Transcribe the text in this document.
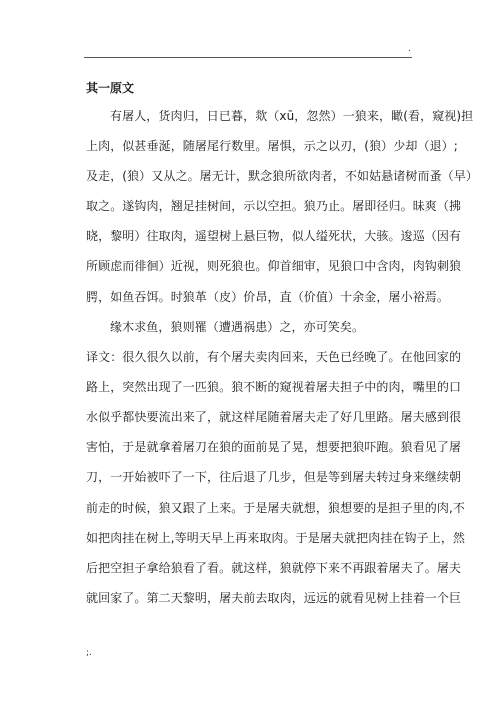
.
其一原文
有屠人，货肉归，日已暮，欻（xū，忽然）一狼来，瞰(看，窥视)担
上肉，似甚垂涎，随屠尾行数里。屠惧，示之以刃，(狼）少却（退）;
及走，(狼）又从之。屠无计，默念狼所欲肉者，不如姑悬诸树而蚤（早）
取之。遂钩肉，翘足挂树间，示以空担。狼乃止。屠即径归。昧爽（拂
晓，黎明）往取肉，遥望树上悬巨物，似人缢死状，大骇。逡巡（因有
所顾虑而徘徊）近视，则死狼也。仰首细审，见狼口中含肉，肉钩刺狼
腭，如鱼吞饵。时狼革（皮）价昂，直（价值）十余金，屠小裕焉。
缘木求鱼，狼则罹（遭遇祸患）之，亦可笑矣。
译文：很久很久以前，有个屠夫卖肉回来，天色已经晚了。在他回家的
路上，突然出现了一匹狼。狼不断的窥视着屠夫担子中的肉，嘴里的口
水似乎都快要流出来了，就这样尾随着屠夫走了好几里路。屠夫感到很
害怕，于是就拿着屠刀在狼的面前晃了晃，想要把狼吓跑。狼看见了屠
刀，一开始被吓了一下，往后退了几步，但是等到屠夫转过身来继续朝
前走的时候，狼又跟了上来。于是屠夫就想，狼想要的是担子里的肉,不
如把肉挂在树上,等明天早上再来取肉。于是屠夫就把肉挂在钩子上，然
后把空担子拿给狼看了看。就这样，狼就停下来不再跟着屠夫了。屠夫
就回家了。第二天黎明，屠夫前去取肉，远远的就看见树上挂着一个巨
;.
